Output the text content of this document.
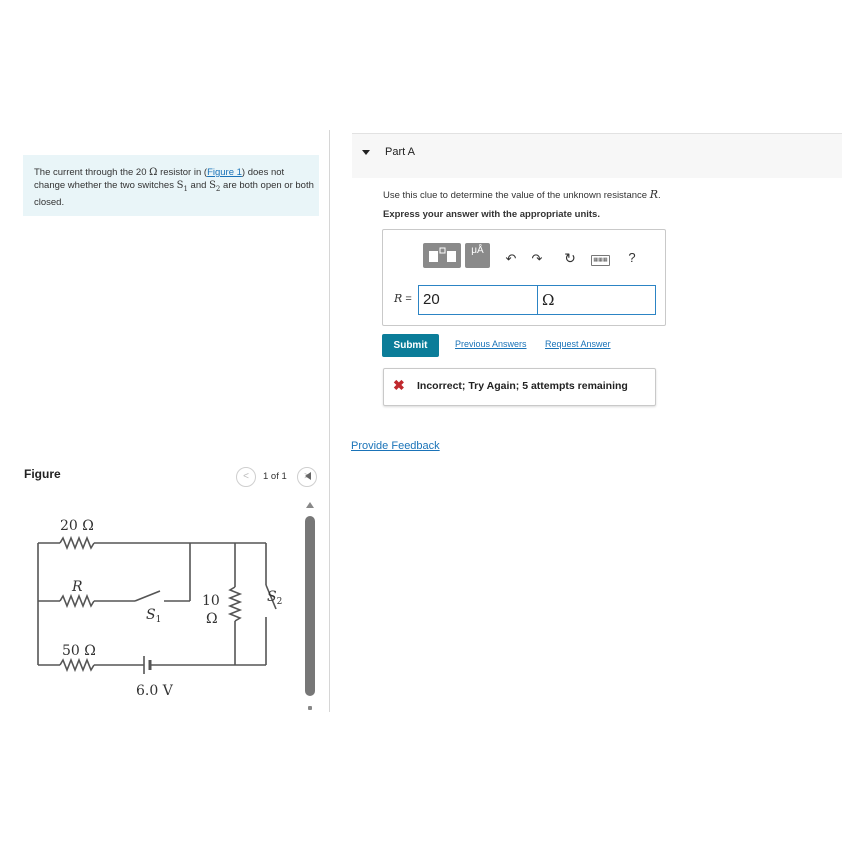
The current through the 20 Ω resistor in (Figure 1) does not change whether the two switches $S_1$ and $S_2$ are both open or both closed.
Part A
Use this clue to determine the value of the unknown resistance R.
Express your answer with the appropriate units.
μÅ
↶ ↷ ↻	▦▦▦	?
R = 20	Ω
Submit	Previous Answers Request Answer
✖ Incorrect; Try Again; 5 attempts remaining
Provide Feedback
Figure	<	1 of 1	>
20 Ω
R
50 Ω
6.0 V
10
Ω
$S_1$
$S_2$
